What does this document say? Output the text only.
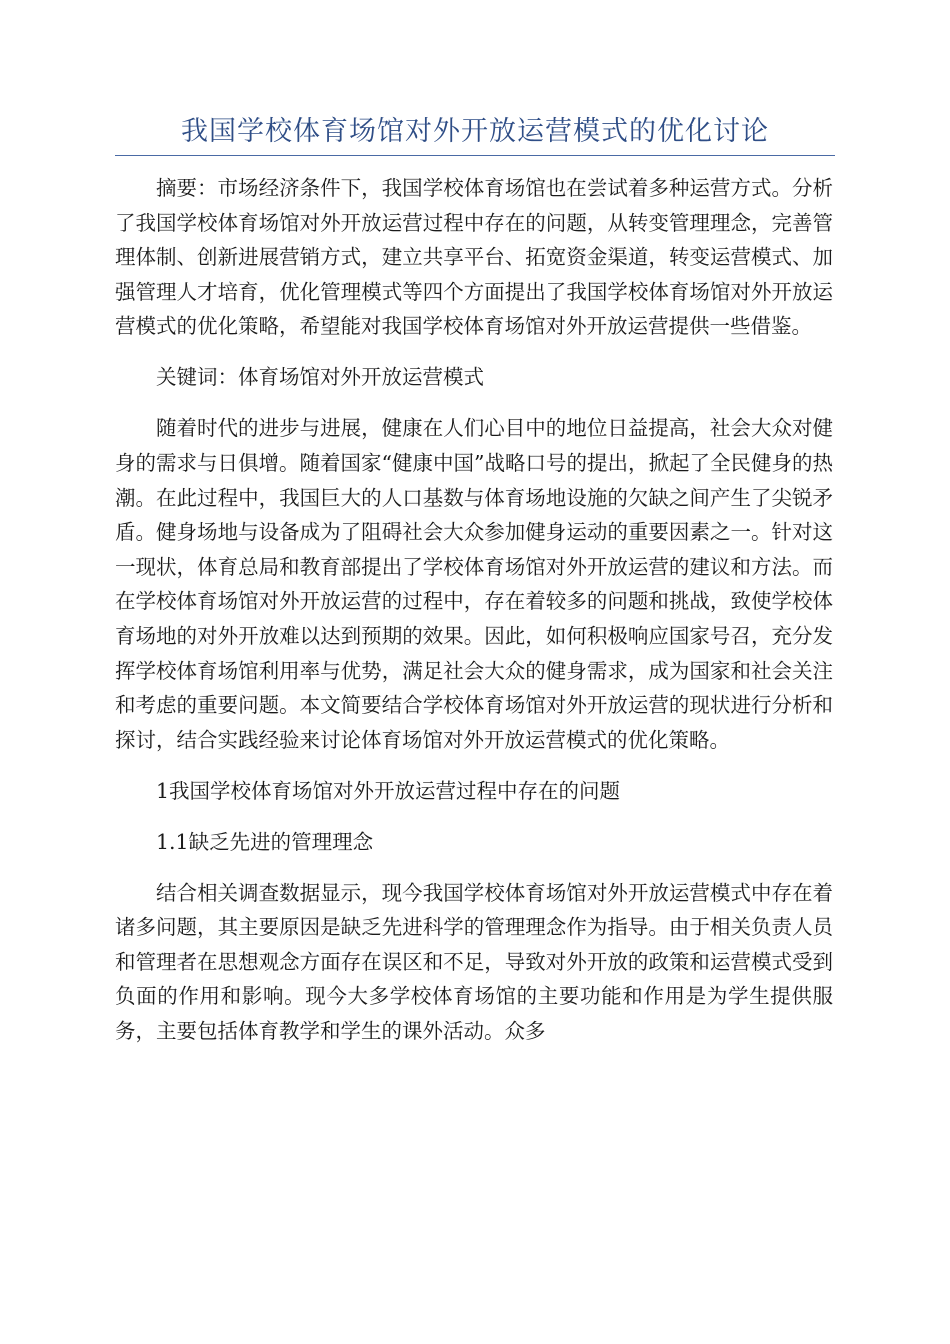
我国学校体育场馆对外开放运营模式的优化讨论

摘要：市场经济条件下，我国学校体育场馆也在尝试着多种运营方式。分析了我国学校体育场馆对外开放运营过程中存在的问题，从转变管理理念，完善管理体制、创新进展营销方式，建立共享平台、拓宽资金渠道，转变运营模式、加强管理人才培育，优化管理模式等四个方面提出了我国学校体育场馆对外开放运营模式的优化策略，希望能对我国学校体育场馆对外开放运营提供一些借鉴。

关键词：体育场馆对外开放运营模式

随着时代的进步与进展，健康在人们心目中的地位日益提高，社会大众对健身的需求与日俱增。随着国家“健康中国”战略口号的提出，掀起了全民健身的热潮。在此过程中，我国巨大的人口基数与体育场地设施的欠缺之间产生了尖锐矛盾。健身场地与设备成为了阻碍社会大众参加健身运动的重要因素之一。针对这一现状，体育总局和教育部提出了学校体育场馆对外开放运营的建议和方法。而在学校体育场馆对外开放运营的过程中，存在着较多的问题和挑战，致使学校体育场地的对外开放难以达到预期的效果。因此，如何积极响应国家号召，充分发挥学校体育场馆利用率与优势，满足社会大众的健身需求，成为国家和社会关注和考虑的重要问题。本文简要结合学校体育场馆对外开放运营的现状进行分析和探讨，结合实践经验来讨论体育场馆对外开放运营模式的优化策略。

1我国学校体育场馆对外开放运营过程中存在的问题

1.1缺乏先进的管理理念

结合相关调查数据显示，现今我国学校体育场馆对外开放运营模式中存在着诸多问题，其主要原因是缺乏先进科学的管理理念作为指导。由于相关负责人员和管理者在思想观念方面存在误区和不足，导致对外开放的政策和运营模式受到负面的作用和影响。现今大多学校体育场馆的主要功能和作用是为学生提供服务，主要包括体育教学和学生的课外活动。众多
